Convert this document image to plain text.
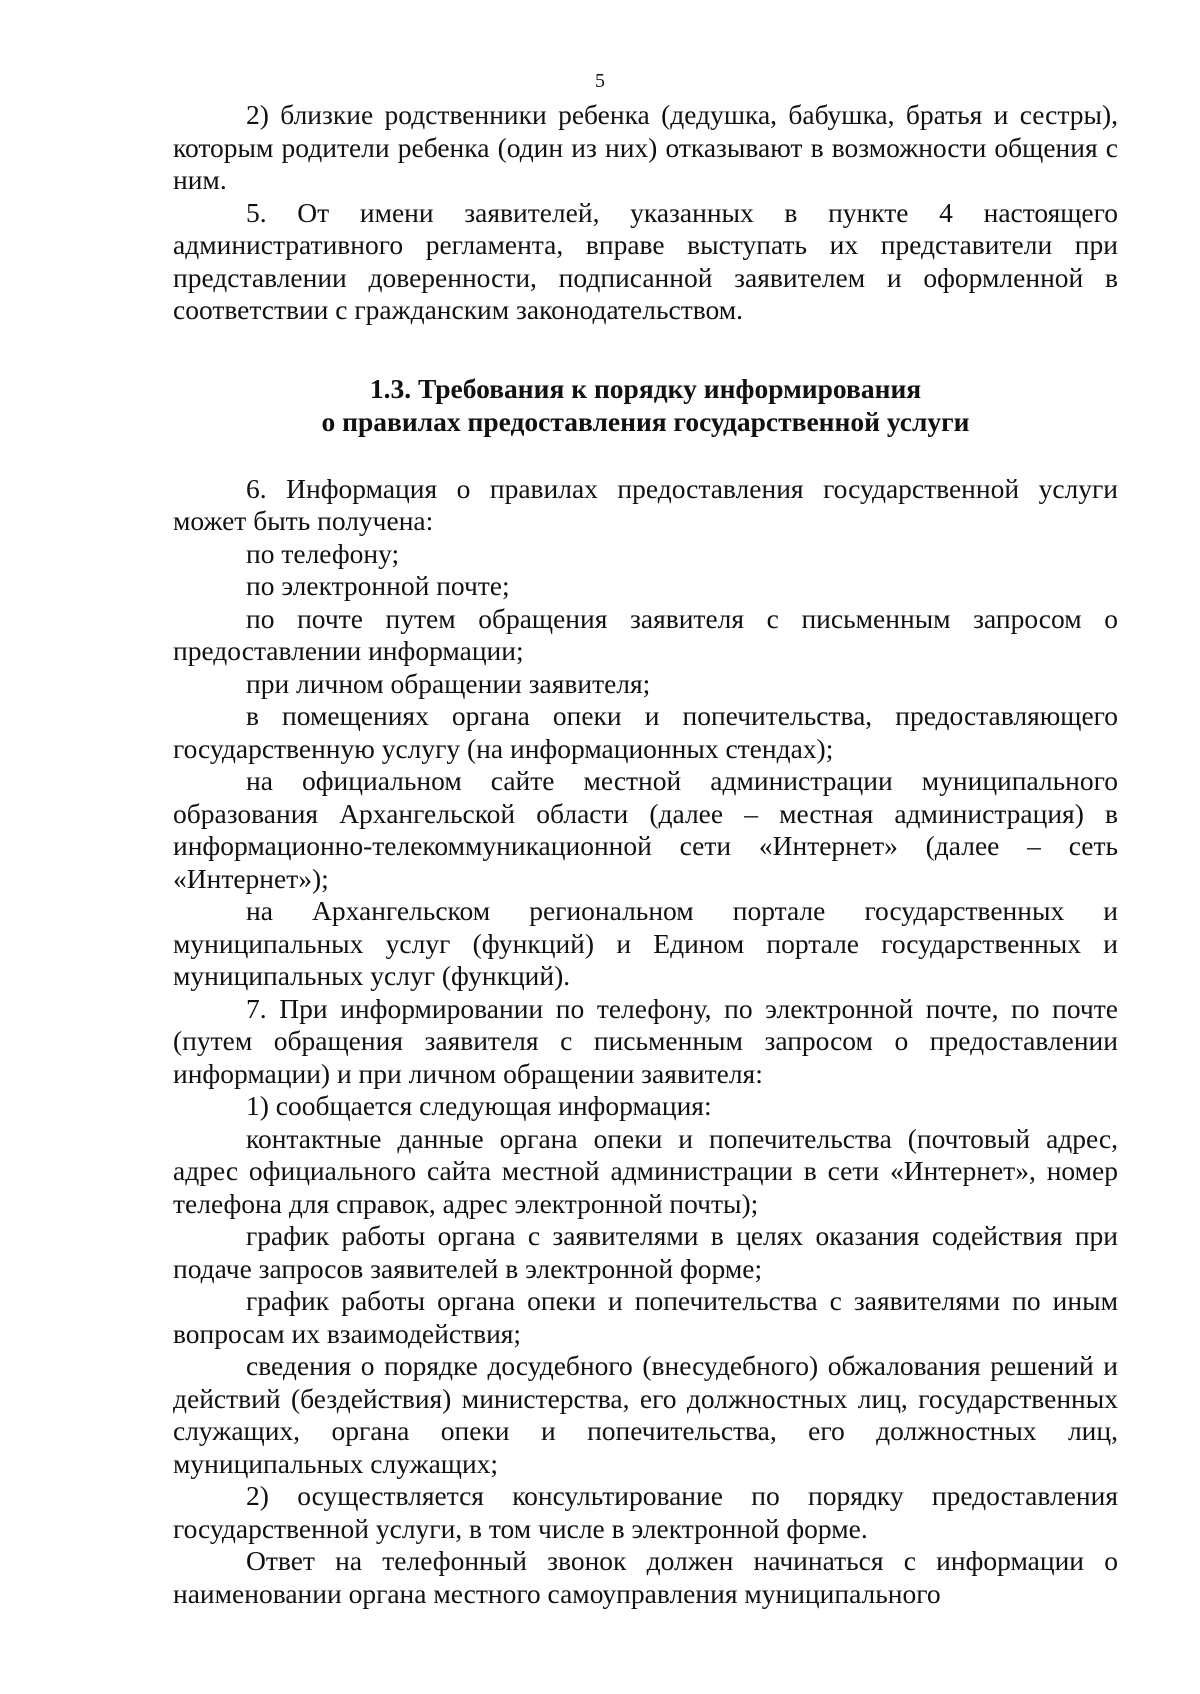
5

2) близкие родственники ребенка (дедушка, бабушка, братья и сестры), которым родители ребенка (один из них) отказывают в возможности общения с ним.

5. От имени заявителей, указанных в пункте 4 настоящего административного регламента, вправе выступать их представители при представлении доверенности, подписанной заявителем и оформленной в соответствии с гражданским законодательством.

1.3. Требования к порядку информирования
о правилах предоставления государственной услуги

6. Информация о правилах предоставления государственной услуги может быть получена:

по телефону;

по электронной почте;

по почте путем обращения заявителя с письменным запросом о предоставлении информации;

при личном обращении заявителя;

в помещениях органа опеки и попечительства, предоставляющего государственную услугу (на информационных стендах);

на официальном сайте местной администрации муниципального образования Архангельской области (далее – местная администрация) в информационно-телекоммуникационной сети «Интернет» (далее – сеть «Интернет»);

на Архангельском региональном портале государственных и муниципальных услуг (функций) и Едином портале государственных и муниципальных услуг (функций).

7. При информировании по телефону, по электронной почте, по почте (путем обращения заявителя с письменным запросом о предоставлении информации) и при личном обращении заявителя:

1) сообщается следующая информация:

контактные данные органа опеки и попечительства (почтовый адрес, адрес официального сайта местной администрации в сети «Интернет», номер телефона для справок, адрес электронной почты);

график работы органа с заявителями в целях оказания содействия при подаче запросов заявителей в электронной форме;

график работы органа опеки и попечительства с заявителями по иным вопросам их взаимодействия;

сведения о порядке досудебного (внесудебного) обжалования решений и действий (бездействия) министерства, его должностных лиц, государственных служащих, органа опеки и попечительства, его должностных лиц, муниципальных служащих;

2) осуществляется консультирование по порядку предоставления государственной услуги, в том числе в электронной форме.

Ответ на телефонный звонок должен начинаться с информации о наименовании органа местного самоуправления муниципального
